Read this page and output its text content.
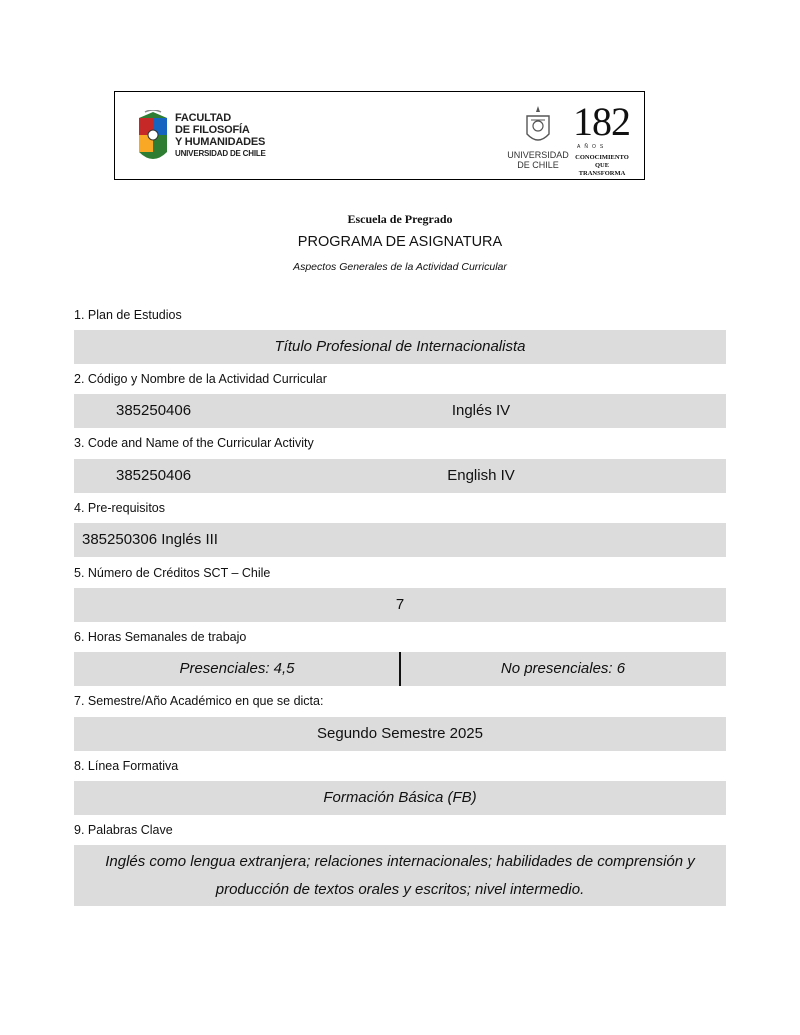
FACULTAD
DE FILOSOFÍA
Y HUMANIDADES
UNIVERSIDAD DE CHILE	UNIVERSIDAD
DE CHILE
182
AÑOS
CONOCIMIENTO
QUE TRANSFORMA
Escuela de Pregrado
PROGRAMA DE ASIGNATURA
Aspectos Generales de la Actividad Curricular
1. Plan de Estudios
Título Profesional de Internacionalista
2. Código y Nombre de la Actividad Curricular
385250406	Inglés IV
3. Code and Name of the Curricular Activity
385250406	English IV
4. Pre-requisitos
385250306 Inglés III
5. Número de Créditos SCT – Chile
7
6. Horas Semanales de trabajo
Presenciales: 4,5	No presenciales: 6
7. Semestre/Año Académico en que se dicta:
Segundo Semestre 2025
8. Línea Formativa
Formación Básica (FB)
9. Palabras Clave
Inglés como lengua extranjera; relaciones internacionales; habilidades de comprensión y
producción de textos orales y escritos; nivel intermedio.
